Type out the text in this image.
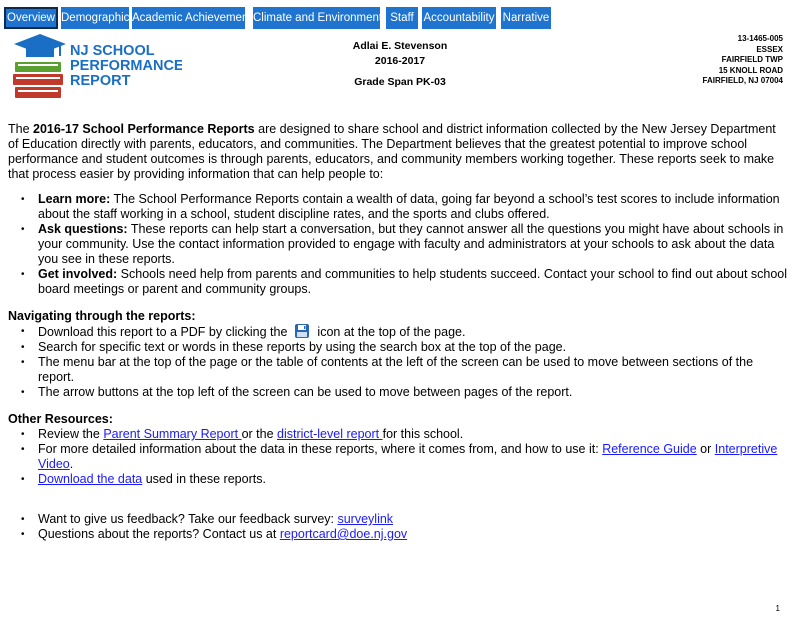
Overview Demographic Academic Achievement Climate and Environment Staff Accountability Narrative
NJ SCHOOL
PERFORMANCE
REPORT
Adlai E. Stevenson
2016-2017
Grade Span PK-03
13-1465-005
ESSEX
FAIRFIELD TWP
15 KNOLL ROAD
FAIRFIELD, NJ 07004

The 2016-17 School Performance Reports are designed to share school and district information collected by the New Jersey Department of Education directly with parents, educators, and communities. The Department believes that the greatest potential to improve school performance and student outcomes is through parents, educators, and community members working together. These reports seek to make that process easier by providing information that can help people to:

• Learn more: The School Performance Reports contain a wealth of data, going far beyond a school’s test scores to include information about the staff working in a school, student discipline rates, and the sports and clubs offered.
• Ask questions: These reports can help start a conversation, but they cannot answer all the questions you might have about schools in your community. Use the contact information provided to engage with faculty and administrators at your schools to ask about the data you see in these reports.
• Get involved: Schools need help from parents and communities to help students succeed. Contact your school to find out about school board meetings or parent and community groups.
Navigating through the reports:
• Download this report to a PDF by clicking the icon at the top of the page.
• Search for specific text or words in these reports by using the search box at the top of the page.
• The menu bar at the top of the page or the table of contents at the left of the screen can be used to move between sections of the report.
• The arrow buttons at the top left of the screen can be used to move between pages of the report.
Other Resources:
• Review the Parent Summary Report or the district-level report for this school.
• For more detailed information about the data in these reports, where it comes from, and how to use it: Reference Guide or Interpretive Video.
• Download the data used in these reports.
• Want to give us feedback? Take our feedback survey: surveylink
• Questions about the reports? Contact us at reportcard@doe.nj.gov
1
